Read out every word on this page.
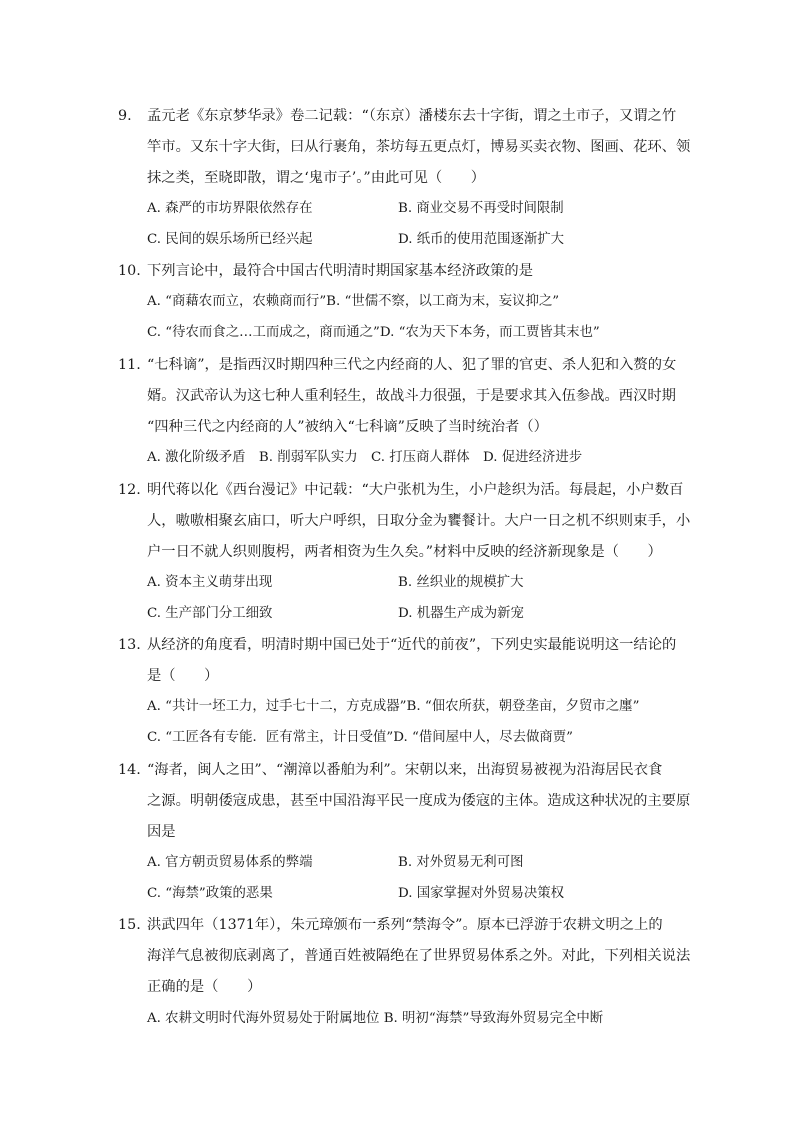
9. 孟元老《东京梦华录》卷二记载：“（东京）潘楼东去十字街，谓之土市子，又谓之竹
竿市。又东十字大街，曰从行裹角，茶坊每五更点灯，博易买卖衣物、图画、花环、领
抹之类，至晓即散，谓之‘鬼市子’。”由此可见（　　）
A. 森严的市坊界限依然存在	B. 商业交易不再受时间限制
C. 民间的娱乐场所已经兴起	D. 纸币的使用范围逐渐扩大
10. 下列言论中，最符合中国古代明清时期国家基本经济政策的是
A. “商藉农而立，农赖商而行”B. “世儒不察，以工商为末，妄议抑之”
C. “待农而食之…工而成之，商而通之”D. “农为天下本务，而工贾皆其末也”
11. “七科谪”，是指西汉时期四种三代之内经商的人、犯了罪的官吏、杀人犯和入赘的女
婿。汉武帝认为这七种人重利轻生，故战斗力很强，于是要求其入伍参战。西汉时期
“四种三代之内经商的人”被纳入“七科谪”反映了当时统治者（）
A. 激化阶级矛盾　B. 削弱军队实力　C. 打压商人群体　D. 促进经济进步
12. 明代蒋以化《西台漫记》中记载：“大户张机为生，小户趁织为活。每晨起，小户数百
人，嗷嗷相聚玄庙口，听大户呼织，日取分金为饔餐计。大户一日之机不织则束手，小
户一日不就人织则腹枵，两者相资为生久矣。”材料中反映的经济新现象是（　　）
A. 资本主义萌芽出现	B. 丝织业的规模扩大
C. 生产部门分工细致	D. 机器生产成为新宠
13. 从经济的角度看，明清时期中国已处于“近代的前夜”，下列史实最能说明这一结论的
是（　　）
A. “共计一坯工力，过手七十二，方克成器”B. “佃农所获，朝登垄亩，夕贸市之廛”
C. “工匠各有专能．匠有常主，计日受值”D. “借间屋中人，尽去做商贾”
14. “海者，闽人之田”、“潮漳以番舶为利”。宋朝以来，出海贸易被视为沿海居民衣食
之源。明朝倭寇成患，甚至中国沿海平民一度成为倭寇的主体。造成这种状况的主要原
因是
A. 官方朝贡贸易体系的弊端	B. 对外贸易无利可图
C. “海禁”政策的恶果	D. 国家掌握对外贸易决策权
15. 洪武四年（1371年），朱元璋颁布一系列“禁海令”。原本已浮游于农耕文明之上的
海洋气息被彻底剥离了，普通百姓被隔绝在了世界贸易体系之外。对此，下列相关说法
正确的是（　　）
A. 农耕文明时代海外贸易处于附属地位 B. 明初“海禁”导致海外贸易完全中断
